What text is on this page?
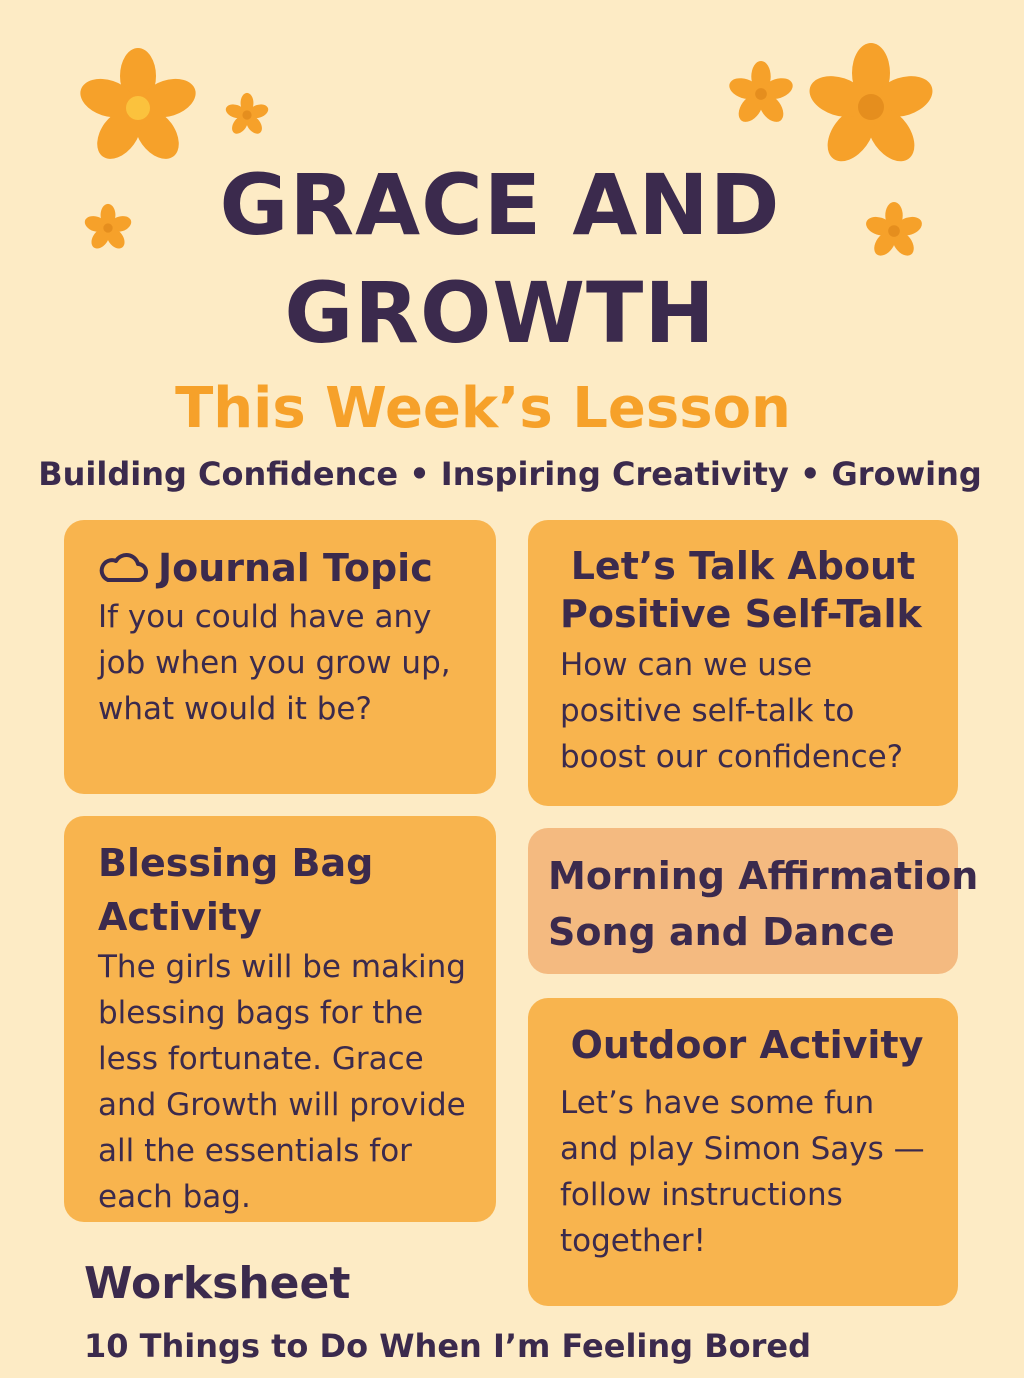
GRACE AND
GROWTH
This Week’s Lesson
Building Confidence • Inspiring Creativity • Growing
Journal Topic
If you could have any job when you grow up, what would it be?
Let’s Talk About
Positive Self-Talk
How can we use positive self-talk to boost our confidence?
Blessing Bag
Activity
The girls will be making blessing bags for the less fortunate. Grace and Growth will provide all the essentials for each bag.
Morning Affirmation
Song and Dance
Outdoor Activity
Let’s have some fun and play Simon Says — follow instructions together!
Worksheet
10 Things to Do When I’m Feeling Bored
